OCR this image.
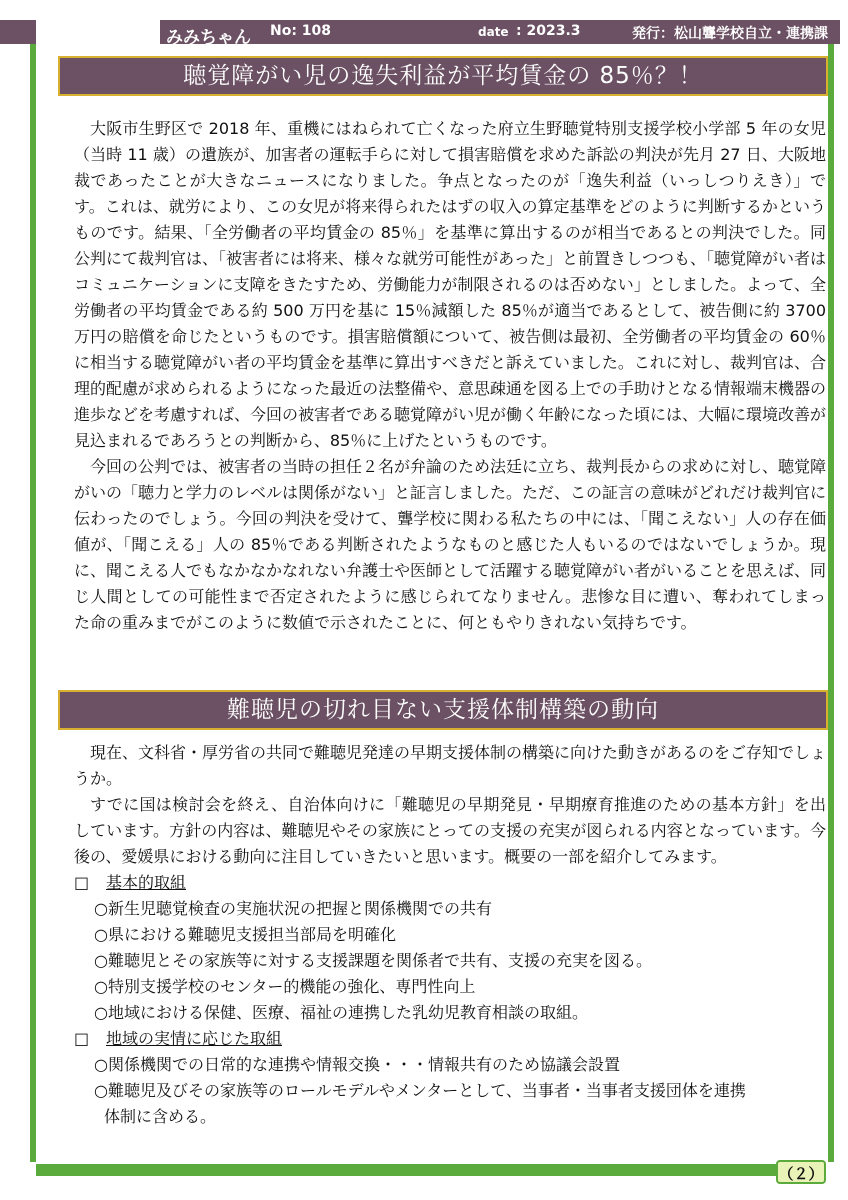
みみちゃん No: 108	date : 2023.3	発行：松山聾学校自立・連携課
聴覚障がい児の逸失利益が平均賃金の 85％？！

大阪市生野区で 2018 年、重機にはねられて亡くなった府立生野聴覚特別支援学校小学部 5 年の女児（当時 11 歳）の遺族が、加害者の運転手らに対して損害賠償を求めた訴訟の判決が先月 27 日、大阪地裁であったことが大きなニュースになりました。争点となったのが「逸失利益（いっしつりえき）」です。これは、就労により、この女児が将来得られたはずの収入の算定基準をどのように判断するかというものです。結果、「全労働者の平均賃金の 85％」を基準に算出するのが相当であるとの判決でした。同公判にて裁判官は、「被害者には将来、様々な就労可能性があった」と前置きしつつも、「聴覚障がい者はコミュニケーションに支障をきたすため、労働能力が制限されるのは否めない」としました。よって、全労働者の平均賃金である約 500 万円を基に 15％減額した 85％が適当であるとして、被告側に約 3700 万円の賠償を命じたというものです。損害賠償額について、被告側は最初、全労働者の平均賃金の 60％に相当する聴覚障がい者の平均賃金を基準に算出すべきだと訴えていました。これに対し、裁判官は、合理的配慮が求められるようになった最近の法整備や、意思疎通を図る上での手助けとなる情報端末機器の進歩などを考慮すれば、今回の被害者である聴覚障がい児が働く年齢になった頃には、大幅に環境改善が見込まれるであろうとの判断から、85％に上げたというものです。

今回の公判では、被害者の当時の担任２名が弁論のため法廷に立ち、裁判長からの求めに対し、聴覚障がいの「聴力と学力のレベルは関係がない」と証言しました。ただ、この証言の意味がどれだけ裁判官に伝わったのでしょう。今回の判決を受けて、聾学校に関わる私たちの中には、「聞こえない」人の存在価値が、「聞こえる」人の 85％である判断されたようなものと感じた人もいるのではないでしょうか。現に、聞こえる人でもなかなかなれない弁護士や医師として活躍する聴覚障がい者がいることを思えば、同じ人間としての可能性まで否定されたように感じられてなりません。悲惨な目に遭い、奪われてしまった命の重みまでがこのように数値で示されたことに、何ともやりきれない気持ちです。

難聴児の切れ目ない支援体制構築の動向

現在、文科省・厚労省の共同で難聴児発達の早期支援体制の構築に向けた動きがあるのをご存知でしょうか。

すでに国は検討会を終え、自治体向けに「難聴児の早期発見・早期療育推進のための基本方針」を出しています。方針の内容は、難聴児やその家族にとっての支援の充実が図られる内容となっています。今後の、愛媛県における動向に注目していきたいと思います。概要の一部を紹介してみます。

□ 基本的取組
○新生児聴覚検査の実施状況の把握と関係機関での共有
○県における難聴児支援担当部局を明確化
○難聴児とその家族等に対する支援課題を関係者で共有、支援の充実を図る。
○特別支援学校のセンター的機能の強化、専門性向上
○地域における保健、医療、福祉の連携した乳幼児教育相談の取組。
□ 地域の実情に応じた取組
○関係機関での日常的な連携や情報交換・・・情報共有のため協議会設置
○難聴児及びその家族等のロールモデルやメンターとして、当事者・当事者支援団体を連携
体制に含める。
（２）
